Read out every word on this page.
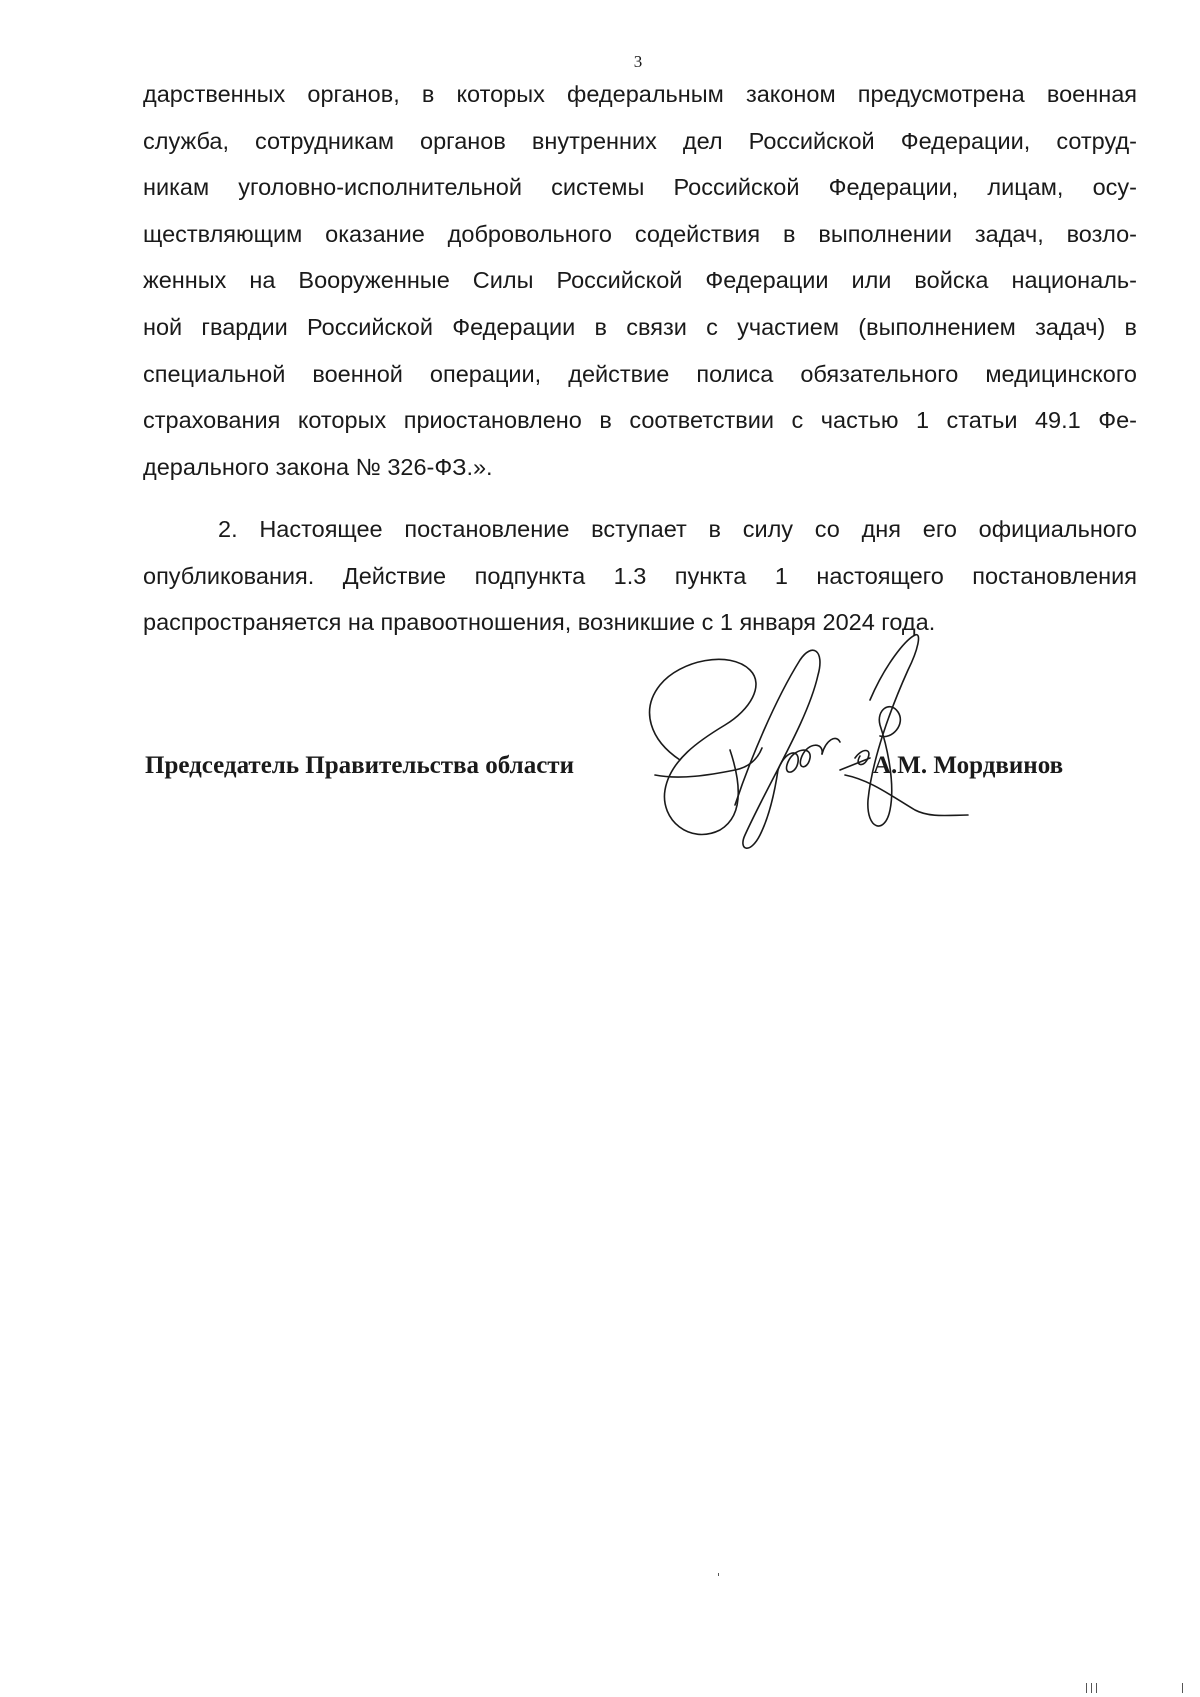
3
дарственных органов, в которых федеральным законом предусмотрена военная
служба, сотрудникам органов внутренних дел Российской Федерации, сотруд-
никам уголовно-исполнительной системы Российской Федерации, лицам, осу-
ществляющим оказание добровольного содействия в выполнении задач, возло-
женных на Вооруженные Силы Российской Федерации или войска националь-
ной гвардии Российской Федерации в связи с участием (выполнением задач) в
специальной военной операции, действие полиса обязательного медицинского
страхования которых приостановлено в соответствии с частью 1 статьи 49.1 Фе-
дерального закона № 326-ФЗ.».
2. Настоящее постановление вступает в силу со дня его официального
опубликования. Действие подпункта 1.3 пункта 1 настоящего постановления
распространяется на правоотношения, возникшие с 1 января 2024 года.
Председатель Правительства области	А.М. Мордвинов
